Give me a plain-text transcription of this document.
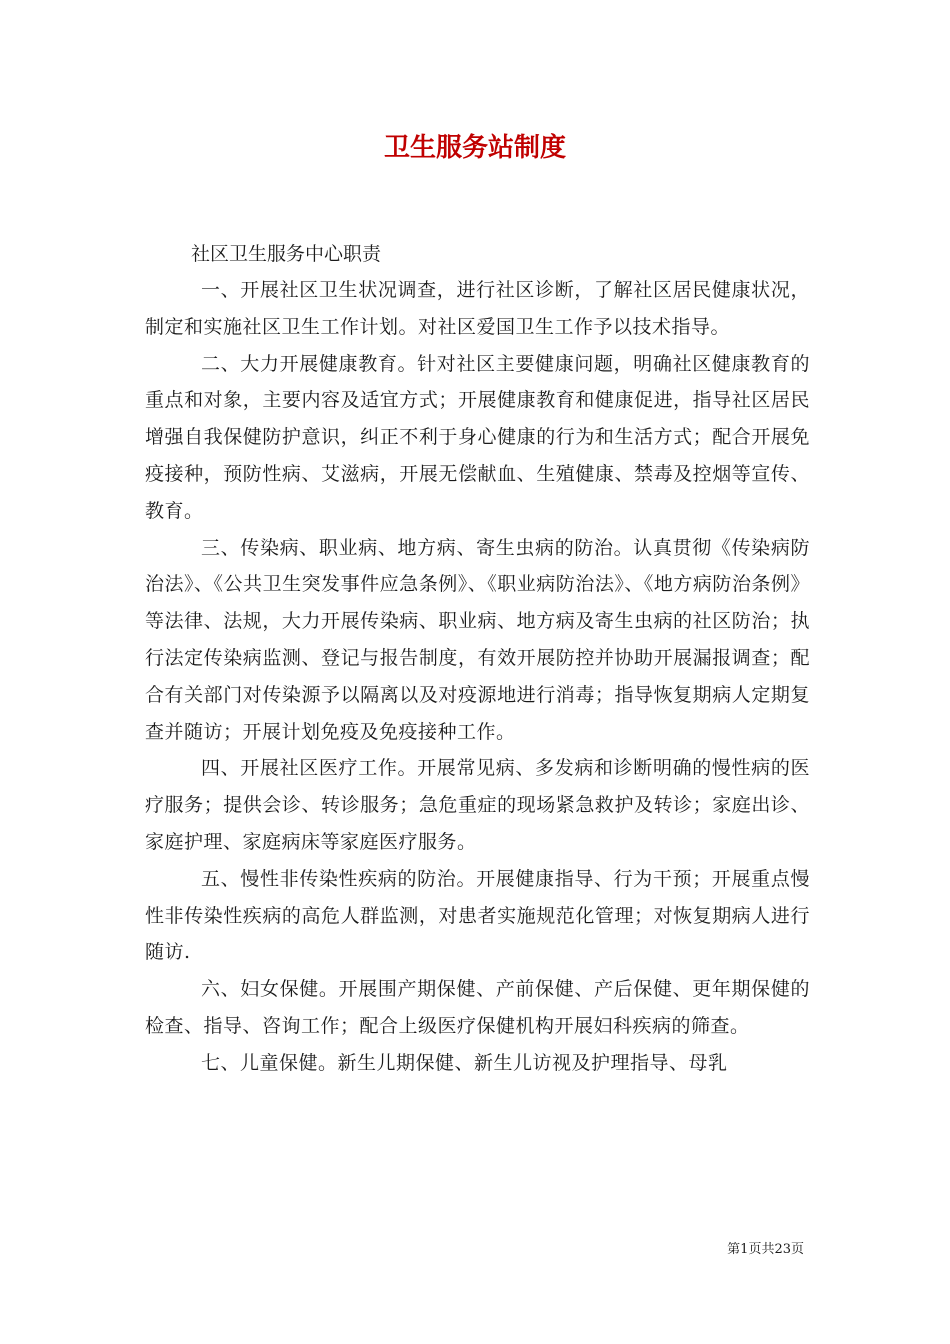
卫生服务站制度

社区卫生服务中心职责

一、开展社区卫生状况调查，进行社区诊断，了解社区居民健康状况，制定和实施社区卫生工作计划。对社区爱国卫生工作予以技术指导。

二、大力开展健康教育。针对社区主要健康问题，明确社区健康教育的重点和对象，主要内容及适宜方式；开展健康教育和健康促进，指导社区居民增强自我保健防护意识，纠正不利于身心健康的行为和生活方式；配合开展免疫接种，预防性病、艾滋病，开展无偿献血、生殖健康、禁毒及控烟等宣传、教育。

三、传染病、职业病、地方病、寄生虫病的防治。认真贯彻《传染病防治法》、《公共卫生突发事件应急条例》、《职业病防治法》、《地方病防治条例》等法律、法规，大力开展传染病、职业病、地方病及寄生虫病的社区防治；执行法定传染病监测、登记与报告制度，有效开展防控并协助开展漏报调查；配合有关部门对传染源予以隔离以及对疫源地进行消毒；指导恢复期病人定期复查并随访；开展计划免疫及免疫接种工作。

四、开展社区医疗工作。开展常见病、多发病和诊断明确的慢性病的医疗服务；提供会诊、转诊服务；急危重症的现场紧急救护及转诊；家庭出诊、家庭护理、家庭病床等家庭医疗服务。

五、慢性非传染性疾病的防治。开展健康指导、行为干预；开展重点慢性非传染性疾病的高危人群监测，对患者实施规范化管理；对恢复期病人进行随访.

六、妇女保健。开展围产期保健、产前保健、产后保健、更年期保健的检查、指导、咨询工作；配合上级医疗保健机构开展妇科疾病的筛查。

七、儿童保健。新生儿期保健、新生儿访视及护理指导、母乳

第1页共23页
